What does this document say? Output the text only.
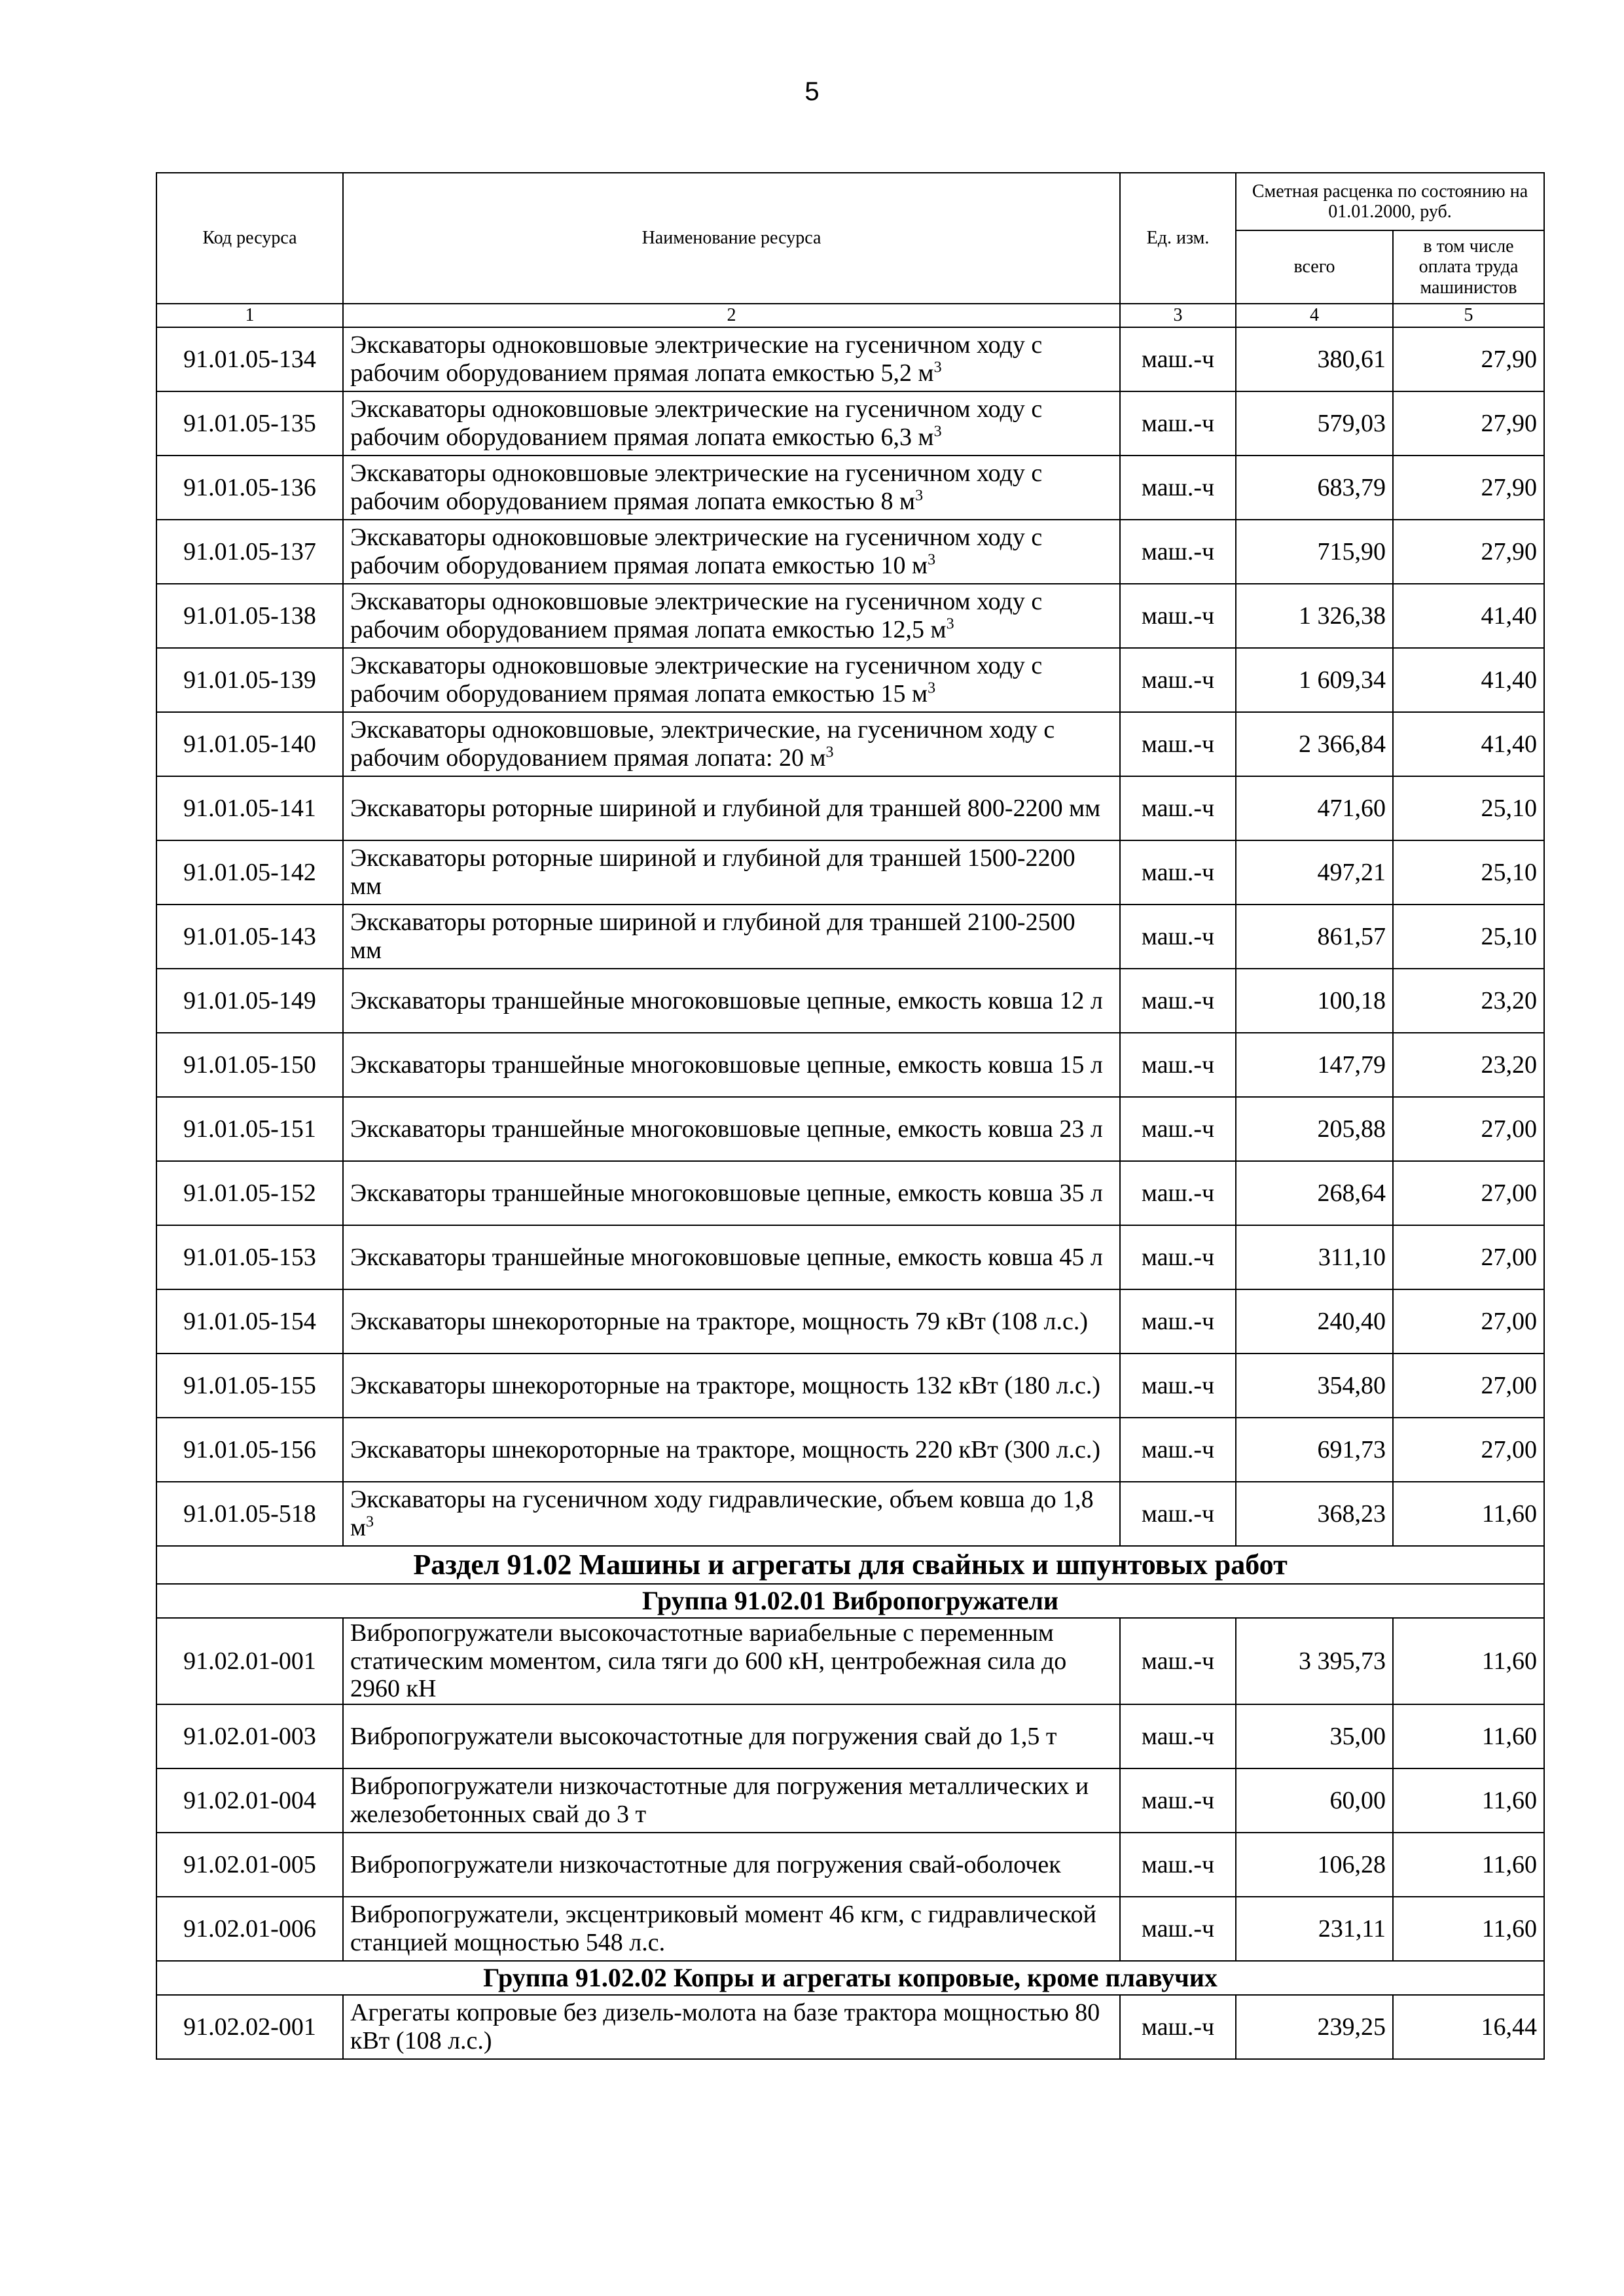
5
Код ресурса	Наименование ресурса	Ед. изм.	Сметная расценка по состоянию на 01.01.2000, руб.	
			всего	в том числе оплата труда машинистов
1	2	3	4	5
91.01.05-134	Экскаваторы одноковшовые электрические на гусеничном ходу с рабочим оборудованием прямая лопата емкостью 5,2 $м^3$	маш.-ч	380,61	27,90
91.01.05-135	Экскаваторы одноковшовые электрические на гусеничном ходу с рабочим оборудованием прямая лопата емкостью 6,3 $м^3$	маш.-ч	579,03	27,90
91.01.05-136	Экскаваторы одноковшовые электрические на гусеничном ходу с рабочим оборудованием прямая лопата емкостью 8 $м^3$	маш.-ч	683,79	27,90
91.01.05-137	Экскаваторы одноковшовые электрические на гусеничном ходу с рабочим оборудованием прямая лопата емкостью 10 $м^3$	маш.-ч	715,90	27,90
91.01.05-138	Экскаваторы одноковшовые электрические на гусеничном ходу с рабочим оборудованием прямая лопата емкостью 12,5 $м^3$	маш.-ч	1 326,38	41,40
91.01.05-139	Экскаваторы одноковшовые электрические на гусеничном ходу с рабочим оборудованием прямая лопата емкостью 15 $м^3$	маш.-ч	1 609,34	41,40
91.01.05-140	Экскаваторы одноковшовые, электрические, на гусеничном ходу с рабочим оборудованием прямая лопата: 20 $м^3$	маш.-ч	2 366,84	41,40
91.01.05-141	Экскаваторы роторные шириной и глубиной для траншей 800-2200 мм	маш.-ч	471,60	25,10
91.01.05-142	Экскаваторы роторные шириной и глубиной для траншей 1500-2200 мм	маш.-ч	497,21	25,10
91.01.05-143	Экскаваторы роторные шириной и глубиной для траншей 2100-2500 мм	маш.-ч	861,57	25,10
91.01.05-149	Экскаваторы траншейные многоковшовые цепные, емкость ковша 12 л	маш.-ч	100,18	23,20
91.01.05-150	Экскаваторы траншейные многоковшовые цепные, емкость ковша 15 л	маш.-ч	147,79	23,20
91.01.05-151	Экскаваторы траншейные многоковшовые цепные, емкость ковша 23 л	маш.-ч	205,88	27,00
91.01.05-152	Экскаваторы траншейные многоковшовые цепные, емкость ковша 35 л	маш.-ч	268,64	27,00
91.01.05-153	Экскаваторы траншейные многоковшовые цепные, емкость ковша 45 л	маш.-ч	311,10	27,00
91.01.05-154	Экскаваторы шнекороторные на тракторе, мощность 79 кВт (108 л.с.)	маш.-ч	240,40	27,00
91.01.05-155	Экскаваторы шнекороторные на тракторе, мощность 132 кВт (180 л.с.)	маш.-ч	354,80	27,00
91.01.05-156	Экскаваторы шнекороторные на тракторе, мощность 220 кВт (300 л.с.)	маш.-ч	691,73	27,00
91.01.05-518	Экскаваторы на гусеничном ходу гидравлические, объем ковша до 1,8 $м^3$	маш.-ч	368,23	11,60
Раздел 91.02 Машины и агрегаты для свайных и шпунтовых работ				
Группа 91.02.01 Вибропогружатели				
91.02.01-001	Вибропогружатели высокочастотные вариабельные с переменным статическим моментом, сила тяги до 600 кН, центробежная сила до 2960 кН	маш.-ч	3 395,73	11,60
91.02.01-003	Вибропогружатели высокочастотные для погружения свай до 1,5 т	маш.-ч	35,00	11,60
91.02.01-004	Вибропогружатели низкочастотные для погружения металлических и железобетонных свай до 3 т	маш.-ч	60,00	11,60
91.02.01-005	Вибропогружатели низкочастотные для погружения свай-оболочек	маш.-ч	106,28	11,60
91.02.01-006	Вибропогружатели, эксцентриковый момент 46 кгм, с гидравлической станцией мощностью 548 л.с.	маш.-ч	231,11	11,60
Группа 91.02.02 Копры и агрегаты копровые, кроме плавучих				
91.02.02-001	Агрегаты копровые без дизель-молота на базе трактора мощностью 80 кВт (108 л.с.)	маш.-ч	239,25	16,44
